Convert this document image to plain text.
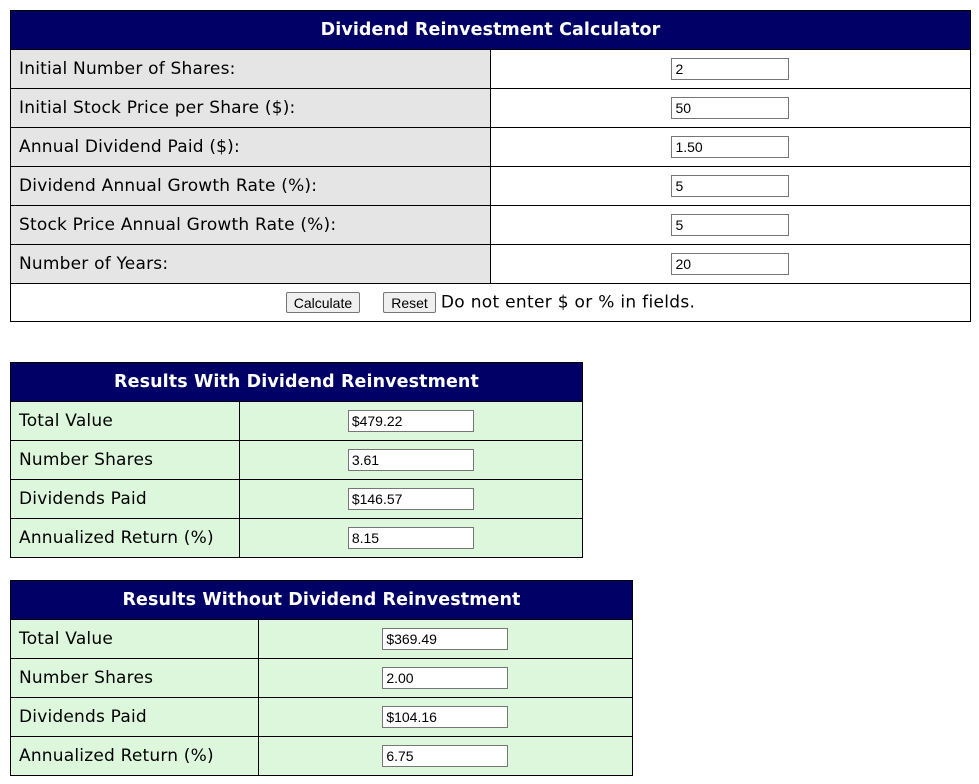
Dividend Reinvestment Calculator	
Initial Number of Shares:	2
Initial Stock Price per Share ($):	50
Annual Dividend Paid ($):	1.50
Dividend Annual Growth Rate (%):	5
Stock Price Annual Growth Rate (%):	5
Number of Years:	20
Calculate Reset Do not enter $ or % in fields.	
Results With Dividend Reinvestment	
Total Value	$479.22
Number Shares	3.61
Dividends Paid	$146.57
Annualized Return (%)	8.15
Results Without Dividend Reinvestment	
Total Value	$369.49
Number Shares	2.00
Dividends Paid	$104.16
Annualized Return (%)	6.75
